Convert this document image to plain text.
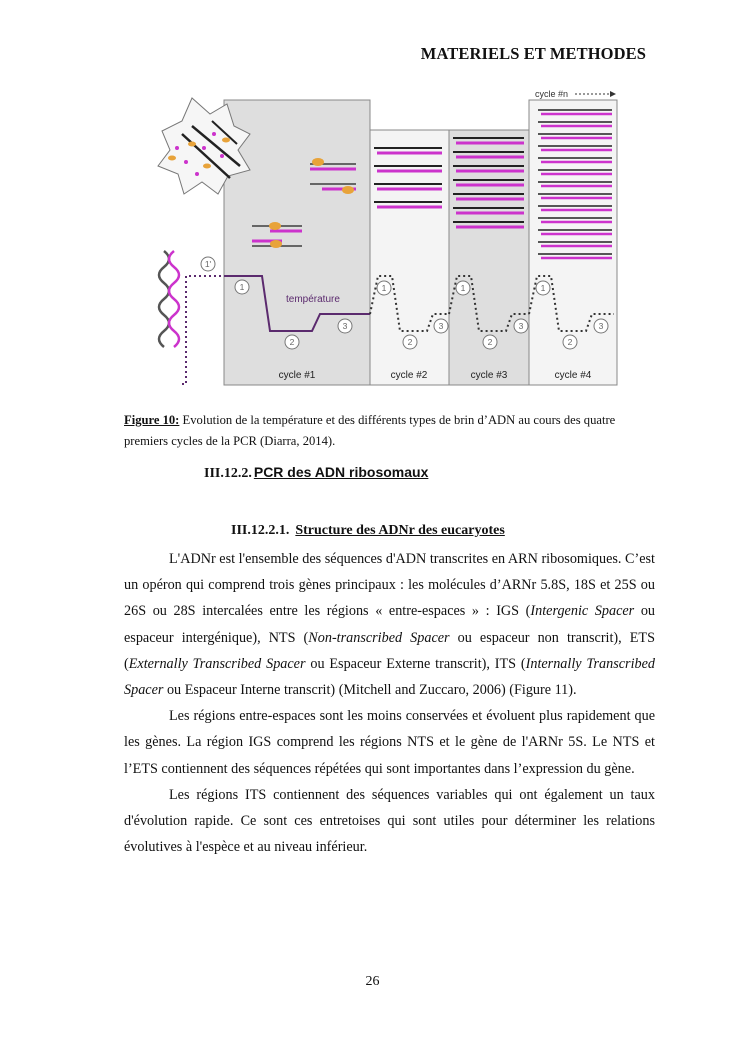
MATERIELS ET METHODES
cycle #n
température
1'
1
2
3
1
2
3
1
2
3
1
2
3
cycle #1	cycle #2	cycle #3	cycle #4
Figure 10: Evolution de la température et des différents types de brin d’ADN au cours des quatre premiers cycles de la PCR (Diarra, 2014).
III.12.2. PCR des ADN ribosomaux
III.12.2.1. Structure des ADNr des eucaryotes

L'ADNr est l'ensemble des séquences d'ADN transcrites en ARN ribosomiques. C’est un opéron qui comprend trois gènes principaux : les molécules d’ARNr 5.8S, 18S et 25S ou 26S ou 28S intercalées entre les régions « entre-espaces » : IGS (Intergenic Spacer ou espaceur intergénique), NTS (Non-transcribed Spacer ou espaceur non transcrit), ETS (Externally Transcribed Spacer ou Espaceur Externe transcrit), ITS (Internally Transcribed Spacer ou Espaceur Interne transcrit) (Mitchell and Zuccaro, 2006) (Figure 11).

Les régions entre-espaces sont les moins conservées et évoluent plus rapidement que les gènes. La région IGS comprend les régions NTS et le gène de l'ARNr 5S. Le NTS et l’ETS contiennent des séquences répétées qui sont importantes dans l’expression du gène.

Les régions ITS contiennent des séquences variables qui ont également un taux d'évolution rapide. Ce sont ces entretoises qui sont utiles pour déterminer les relations évolutives à l'espèce et au niveau inférieur.

26
